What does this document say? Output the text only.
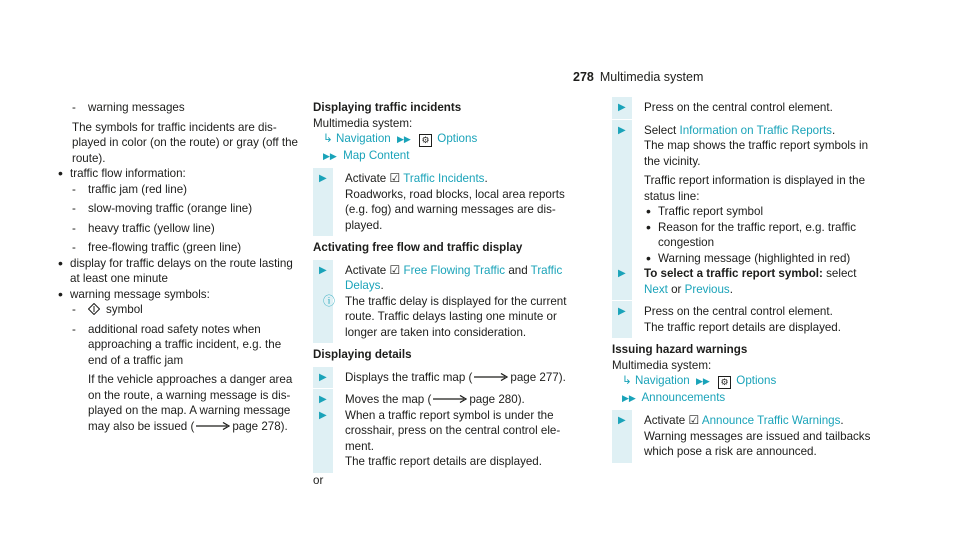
278 Multimedia system
- warning messages
The symbols for traffic incidents are dis-
played in color (on the route) or gray (off the
route).
• traffic flow information:
- traffic jam (red line)
- slow-moving traffic (orange line)
- heavy traffic (yellow line)
- free-flowing traffic (green line)
• display for traffic delays on the route lasting
at least one minute
• warning message symbols:
- symbol
- additional road safety notes when
approaching a traffic incident, e.g. the
end of a traffic jam
If the vehicle approaches a danger area
on the route, a warning message is dis-
played on the map. A warning message
may also be issued (	page 278).
Displaying traffic incidents
Multimedia system:
↳ Navigation ▶▶ ⚙ Options
▶▶ Map Content
▶	Activate ☑ Traffic Incidents.
Roadworks, road blocks, local area reports
(e.g. fog) and warning messages are dis-
played.
Activating free flow and traffic display
▶	Activate ☑ Free Flowing Traffic and Traffic
Delays.
ⓘ The traffic delay is displayed for the current
route. Traffic delays lasting one minute or
longer are taken into consideration.
Displaying details
▶	Displays the traffic map (	page 277).
▶	Moves the map (	page 280).
▶ When a traffic report symbol is under the
crosshair, press on the central control ele-
ment.
The traffic report details are displayed.
or
▶	Press on the central control element.
▶	Select Information on Traffic Reports.
The map shows the traffic report symbols in
the vicinity.
Traffic report information is displayed in the
status line:
• Traffic report symbol
• Reason for the traffic report, e.g. traffic
congestion
• Warning message (highlighted in red)
▶	To select a traffic report symbol: select
Next or Previous.
▶	Press on the central control element.
The traffic report details are displayed.
Issuing hazard warnings
Multimedia system:
↳ Navigation ▶▶ ⚙ Options
▶▶ Announcements
▶	Activate ☑ Announce Traffic Warnings.
Warning messages are issued and tailbacks
which pose a risk are announced.
